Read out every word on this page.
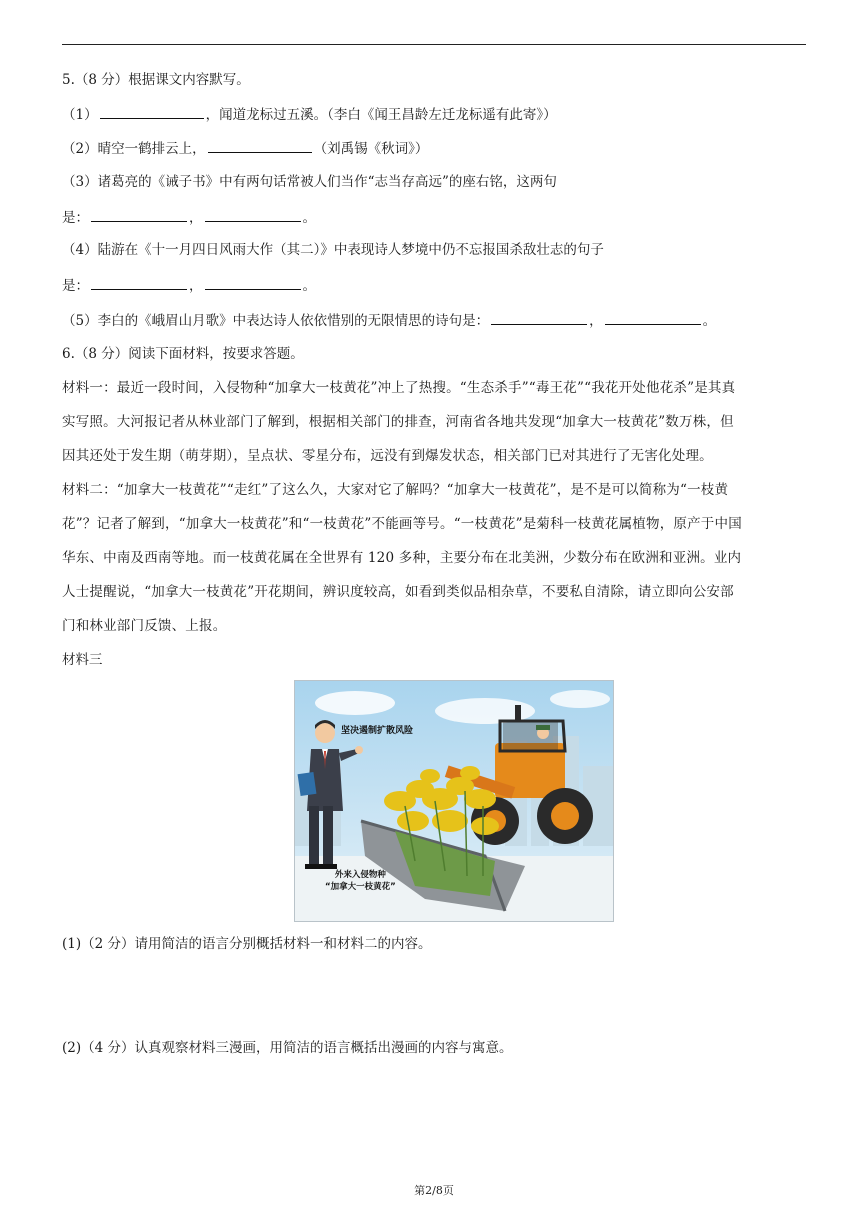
5.（8 分）根据课文内容默写。
（1）	，闻道龙标过五溪。（李白《闻王昌龄左迁龙标遥有此寄》）
（2）晴空一鹤排云上，	（刘禹锡《秋词》）
（3）诸葛亮的《诫子书》中有两句话常被人们当作“志当存高远”的座右铭，这两句
是：	，	。
（4）陆游在《十一月四日风雨大作（其二）》中表现诗人梦境中仍不忘报国杀敌壮志的句子
是：	，	。
（5）李白的《峨眉山月歌》中表达诗人依依惜别的无限情思的诗句是：	，	。
6.（8 分）阅读下面材料，按要求答题。
材料一：最近一段时间，入侵物种“加拿大一枝黄花”冲上了热搜。“生态杀手”“毒王花”“我花开处他花杀”是其真
实写照。大河报记者从林业部门了解到，根据相关部门的排查，河南省各地共发现“加拿大一枝黄花”数万株，但
因其还处于发生期（萌芽期），呈点状、零星分布，远没有到爆发状态，相关部门已对其进行了无害化处理。
材料二：“加拿大一枝黄花”“走红”了这么久，大家对它了解吗？“加拿大一枝黄花”，是不是可以简称为“一枝黄
花”？记者了解到，“加拿大一枝黄花”和“一枝黄花”不能画等号。“一枝黄花”是菊科一枝黄花属植物，原产于中国
华东、中南及西南等地。而一枝黄花属在全世界有 120 多种，主要分布在北美洲，少数分布在欧洲和亚洲。业内
人士提醒说，“加拿大一枝黄花”开花期间，辨识度较高，如看到类似品相杂草，不要私自清除，请立即向公安部
门和林业部门反馈、上报。
材料三
坚决遏制扩散风险
外来入侵物种
“加拿大一枝黄花”
(1)（2 分）请用简洁的语言分别概括材料一和材料二的内容。
(2)（4 分）认真观察材料三漫画，用简洁的语言概括出漫画的内容与寓意。
第2/8页
